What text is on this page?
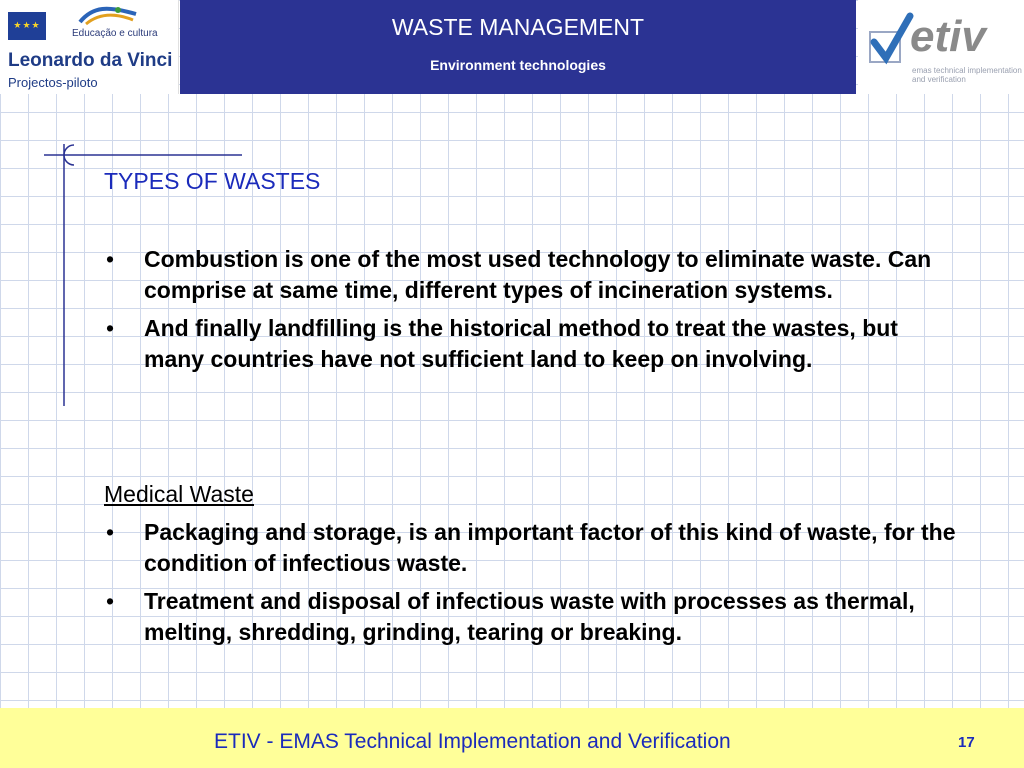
★★★
Educação e cultura
Leonardo da Vinci
Projectos-piloto
WASTE MANAGEMENT
Environment technologies
etiv
emas technical implementation and verification
TYPES OF WASTES
• Combustion is one of the most used technology to eliminate waste. Can comprise at same time, different types of incineration systems.
• And finally landfilling is the historical method to treat the wastes, but many countries have not sufficient land to keep on involving.
Medical Waste
• Packaging and storage, is an important factor of this kind of waste, for the condition of infectious waste.
• Treatment and disposal of infectious waste with processes as thermal, melting, shredding, grinding, tearing or breaking.
ETIV - EMAS Technical Implementation and Verification	17
